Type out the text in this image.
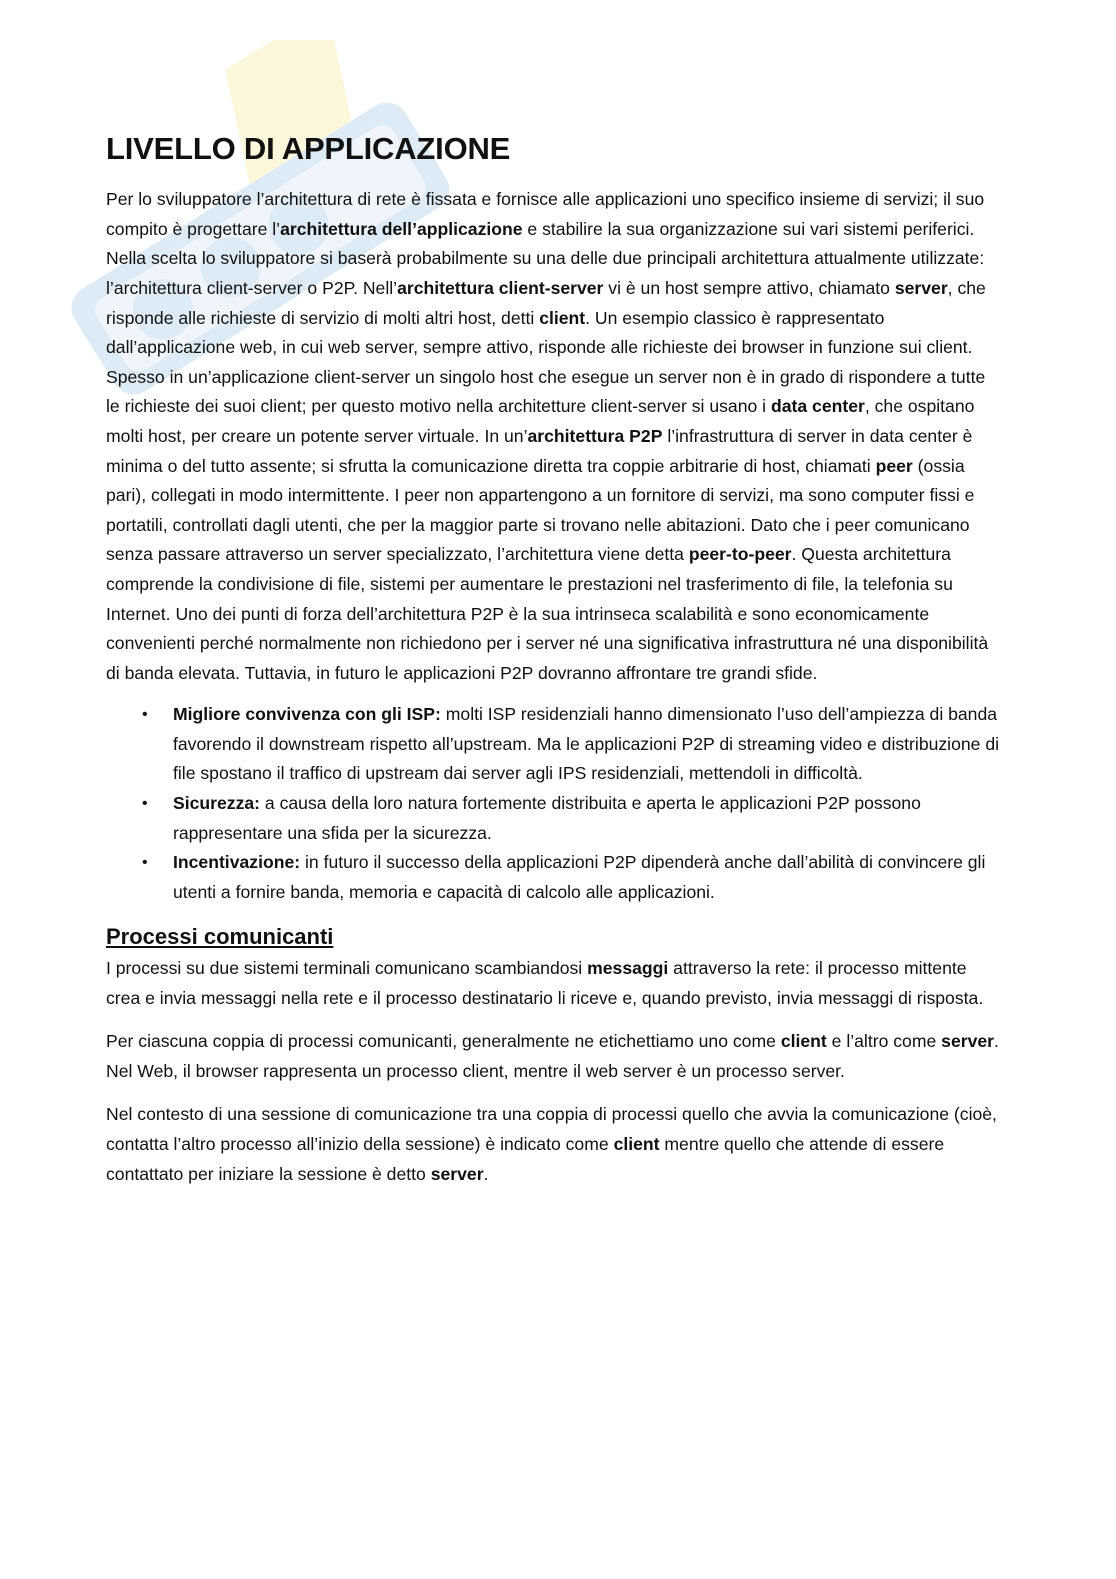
LIVELLO DI APPLICAZIONE

Per lo sviluppatore l’architettura di rete è fissata e fornisce alle applicazioni uno specifico insieme di servizi; il suo compito è progettare l’architettura dell’applicazione e stabilire la sua organizzazione sui vari sistemi periferici. Nella scelta lo sviluppatore si baserà probabilmente su una delle due principali architettura attualmente utilizzate: l’architettura client-server o P2P. Nell’architettura client-server vi è un host sempre attivo, chiamato server, che risponde alle richieste di servizio di molti altri host, detti client. Un esempio classico è rappresentato dall’applicazione web, in cui web server, sempre attivo, risponde alle richieste dei browser in funzione sui client. Spesso in un’applicazione client-server un singolo host che esegue un server non è in grado di rispondere a tutte le richieste dei suoi client; per questo motivo nella architetture client-server si usano i data center, che ospitano molti host, per creare un potente server virtuale. In un’architettura P2P l’infrastruttura di server in data center è minima o del tutto assente; si sfrutta la comunicazione diretta tra coppie arbitrarie di host, chiamati peer (ossia pari), collegati in modo intermittente. I peer non appartengono a un fornitore di servizi, ma sono computer fissi e portatili, controllati dagli utenti, che per la maggior parte si trovano nelle abitazioni. Dato che i peer comunicano senza passare attraverso un server specializzato, l’architettura viene detta peer-to-peer. Questa architettura comprende la condivisione di file, sistemi per aumentare le prestazioni nel trasferimento di file, la telefonia su Internet. Uno dei punti di forza dell’architettura P2P è la sua intrinseca scalabilità e sono economicamente convenienti perché normalmente non richiedono per i server né una significativa infrastruttura né una disponibilità di banda elevata. Tuttavia, in futuro le applicazioni P2P dovranno affrontare tre grandi sfide.

• Migliore convivenza con gli ISP: molti ISP residenziali hanno dimensionato l’uso dell’ampiezza di banda favorendo il downstream rispetto all’upstream. Ma le applicazioni P2P di streaming video e distribuzione di file spostano il traffico di upstream dai server agli IPS residenziali, mettendoli in difficoltà.
• Sicurezza: a causa della loro natura fortemente distribuita e aperta le applicazioni P2P possono rappresentare una sfida per la sicurezza.
• Incentivazione: in futuro il successo della applicazioni P2P dipenderà anche dall’abilità di convincere gli utenti a fornire banda, memoria e capacità di calcolo alle applicazioni.
Processi comunicanti

I processi su due sistemi terminali comunicano scambiandosi messaggi attraverso la rete: il processo mittente crea e invia messaggi nella rete e il processo destinatario li riceve e, quando previsto, invia messaggi di risposta.

Per ciascuna coppia di processi comunicanti, generalmente ne etichettiamo uno come client e l’altro come server. Nel Web, il browser rappresenta un processo client, mentre il web server è un processo server.

Nel contesto di una sessione di comunicazione tra una coppia di processi quello che avvia la comunicazione (cioè, contatta l’altro processo all’inizio della sessione) è indicato come client mentre quello che attende di essere contattato per iniziare la sessione è detto server.
